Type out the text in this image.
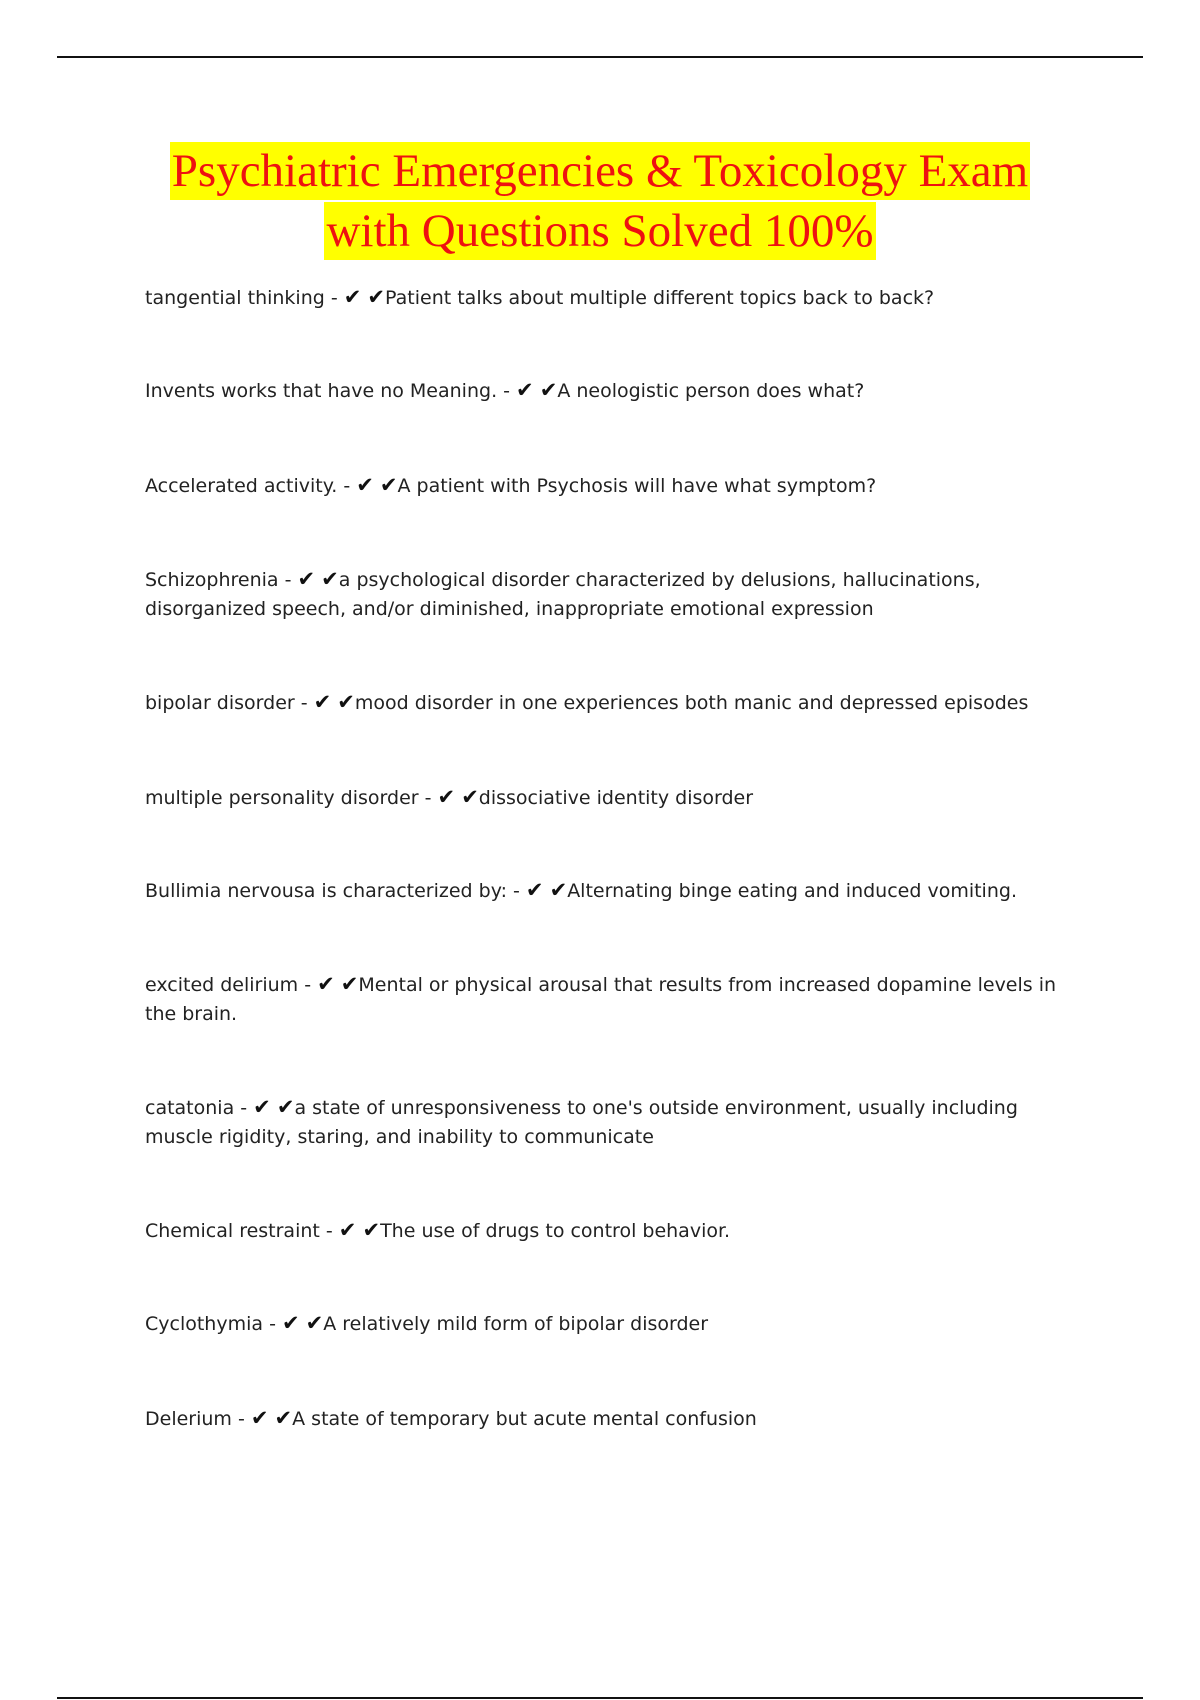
Psychiatric Emergencies & Toxicology Exam
with Questions Solved 100%
tangential thinking - ✔ ✔Patient talks about multiple different topics back to back?
Invents works that have no Meaning. - ✔ ✔A neologistic person does what?
Accelerated activity. - ✔ ✔A patient with Psychosis will have what symptom?
Schizophrenia - ✔ ✔a psychological disorder characterized by delusions, hallucinations, disorganized speech, and/or diminished, inappropriate emotional expression
bipolar disorder - ✔ ✔mood disorder in one experiences both manic and depressed episodes
multiple personality disorder - ✔ ✔dissociative identity disorder
Bullimia nervousa is characterized by: - ✔ ✔Alternating binge eating and induced vomiting.
excited delirium - ✔ ✔Mental or physical arousal that results from increased dopamine levels in the brain.
catatonia - ✔ ✔a state of unresponsiveness to one's outside environment, usually including muscle rigidity, staring, and inability to communicate
Chemical restraint - ✔ ✔The use of drugs to control behavior.
Cyclothymia - ✔ ✔A relatively mild form of bipolar disorder
Delerium - ✔ ✔A state of temporary but acute mental confusion
